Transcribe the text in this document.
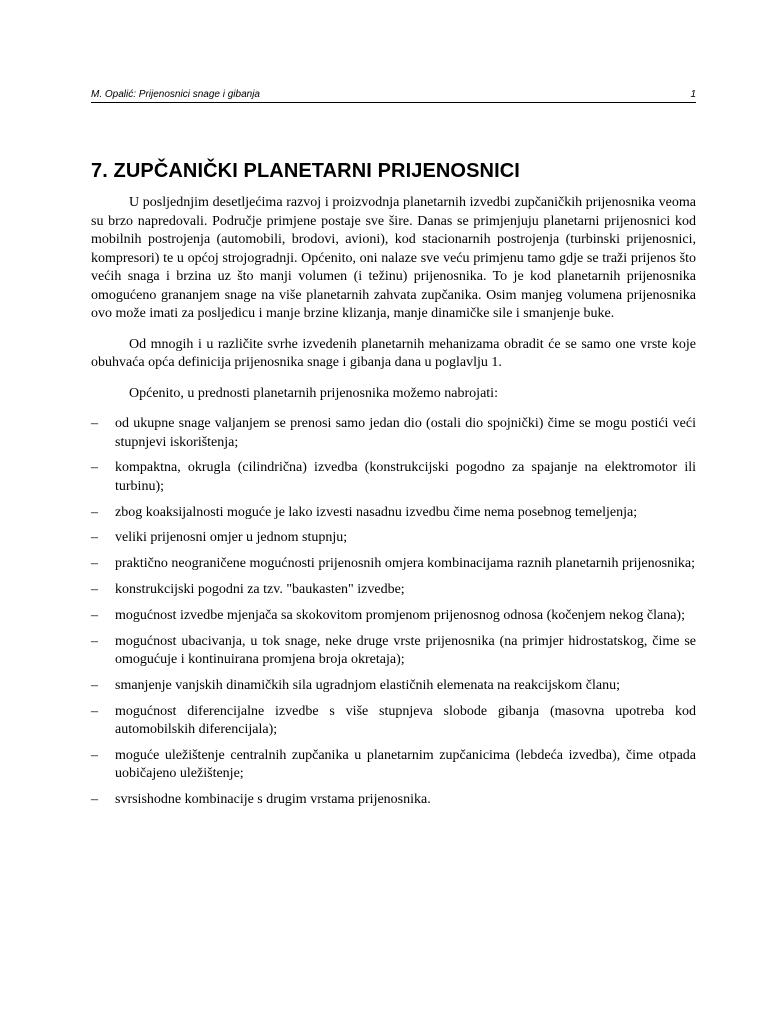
M. Opalić: Prijenosnici snage i gibanja	1
7. ZUPČANIČKI PLANETARNI PRIJENOSNICI

U posljednjim desetljećima razvoj i proizvodnja planetarnih izvedbi zupčaničkih prijenosnika veoma su brzo napredovali. Područje primjene postaje sve šire. Danas se primjenjuju planetarni prijenosnici kod mobilnih postrojenja (automobili, brodovi, avioni), kod stacionarnih postrojenja (turbinski prijenosnici, kompresori) te u općoj strojogradnji. Općenito, oni nalaze sve veću primjenu tamo gdje se traži prijenos što većih snaga i brzina uz što manji volumen (i težinu) prijenosnika. To je kod planetarnih prijenosnika omogućeno grananjem snage na više planetarnih zahvata zupčanika. Osim manjeg volumena prijenosnika ovo može imati za posljedicu i manje brzine klizanja, manje dinamičke sile i smanjenje buke.

Od mnogih i u različite svrhe izvedenih planetarnih mehanizama obradit će se samo one vrste koje obuhvaća opća definicija prijenosnika snage i gibanja dana u poglavlju 1.

Općenito, u prednosti planetarnih prijenosnika možemo nabrojati:

– od ukupne snage valjanjem se prenosi samo jedan dio (ostali dio spojnički) čime se mogu postići veći stupnjevi iskorištenja;
– kompaktna, okrugla (cilindrična) izvedba (konstrukcijski pogodno za spajanje na elektromotor ili turbinu);
– zbog koaksijalnosti moguće je lako izvesti nasadnu izvedbu čime nema posebnog temeljenja;
– veliki prijenosni omjer u jednom stupnju;
– praktično neograničene mogućnosti prijenosnih omjera kombinacijama raznih planetarnih prijenosnika;
– konstrukcijski pogodni za tzv. "baukasten" izvedbe;
– mogućnost izvedbe mjenjača sa skokovitom promjenom prijenosnog odnosa (kočenjem nekog člana);
– mogućnost ubacivanja, u tok snage, neke druge vrste prijenosnika (na primjer hidrostatskog, čime se omogućuje i kontinuirana promjena broja okretaja);
– smanjenje vanjskih dinamičkih sila ugradnjom elastičnih elemenata na reakcijskom članu;
– mogućnost diferencijalne izvedbe s više stupnjeva slobode gibanja (masovna upotreba kod automobilskih diferencijala);
– moguće uležištenje centralnih zupčanika u planetarnim zupčanicima (lebdeća izvedba), čime otpada uobičajeno uležištenje;
– svrsishodne kombinacije s drugim vrstama prijenosnika.
